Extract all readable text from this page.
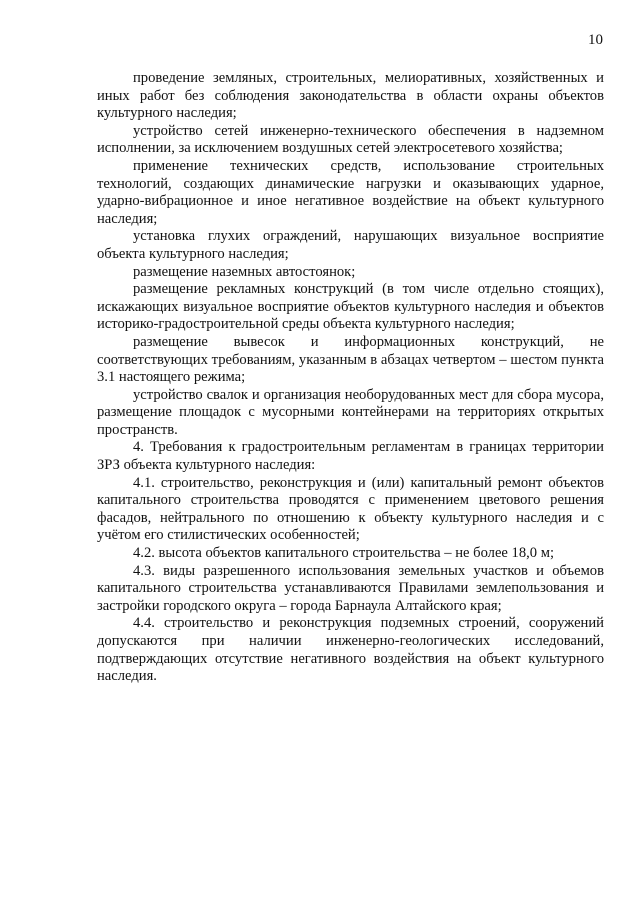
10

проведение земляных, строительных, мелиоративных, хозяйственных и иных работ без соблюдения законодательства в области охраны объектов культурного наследия;

устройство сетей инженерно-технического обеспечения в надземном исполнении, за исключением воздушных сетей электросетевого хозяйства;

применение технических средств, использование строительных технологий, создающих динамические нагрузки и оказывающих ударное, ударно-вибрационное и иное негативное воздействие на объект культурного наследия;

установка глухих ограждений, нарушающих визуальное восприятие объекта культурного наследия;

размещение наземных автостоянок;

размещение рекламных конструкций (в том числе отдельно стоящих), искажающих визуальное восприятие объектов культурного наследия и объектов историко-градостроительной среды объекта культурного наследия;

размещение вывесок и информационных конструкций, не соответствующих требованиям, указанным в абзацах четвертом – шестом пункта 3.1 настоящего режима;

устройство свалок и организация необорудованных мест для сбора мусора, размещение площадок с мусорными контейнерами на территориях открытых пространств.

4. Требования к градостроительным регламентам в границах территории ЗРЗ объекта культурного наследия:

4.1. строительство, реконструкция и (или) капитальный ремонт объектов капитального строительства проводятся с применением цветового решения фасадов, нейтрального по отношению к объекту культурного наследия и с учётом его стилистических особенностей;

4.2. высота объектов капитального строительства – не более 18,0 м;

4.3. виды разрешенного использования земельных участков и объемов капитального строительства устанавливаются Правилами землепользования и застройки городского округа – города Барнаула Алтайского края;

4.4. строительство и реконструкция подземных строений, сооружений допускаются при наличии инженерно-геологических исследований, подтверждающих отсутствие негативного воздействия на объект культурного наследия.
